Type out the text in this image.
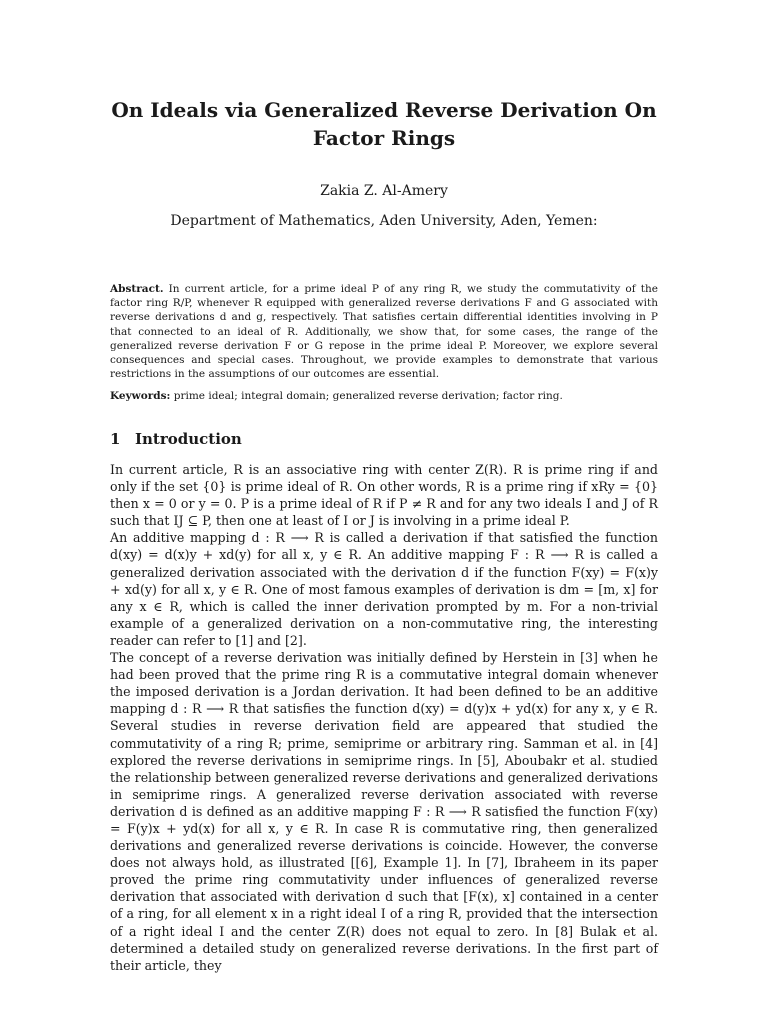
On Ideals via Generalized Reverse Derivation On Factor Rings
Zakia Z. Al-Amery
Department of Mathematics, Aden University, Aden, Yemen:
Abstract. In current article, for a prime ideal P of any ring R, we study the commutativity of the factor ring R/P, whenever R equipped with generalized reverse derivations F and G associated with reverse derivations d and g, respectively. That satisfies certain differential identities involving in P that connected to an ideal of R. Additionally, we show that, for some cases, the range of the generalized reverse derivation F or G repose in the prime ideal P. Moreover, we explore several consequences and special cases. Throughout, we provide examples to demonstrate that various restrictions in the assumptions of our outcomes are essential.
Keywords: prime ideal; integral domain; generalized reverse derivation; factor ring.
1 Introduction

In current article, R is an associative ring with center Z(R). R is prime ring if and only if the set {0} is prime ideal of R. On other words, R is a prime ring if xRy = {0} then x = 0 or y = 0. P is a prime ideal of R if P ≠ R and for any two ideals I and J of R such that IJ ⊆ P, then one at least of I or J is involving in a prime ideal P.

An additive mapping d : R ⟶ R is called a derivation if that satisfied the function d(xy) = d(x)y + xd(y) for all x, y ∈ R. An additive mapping F : R ⟶ R is called a generalized derivation associated with the derivation d if the function F(xy) = F(x)y + xd(y) for all x, y ∈ R. One of most famous examples of derivation is dm = [m, x] for any x ∈ R, which is called the inner derivation prompted by m. For a non-trivial example of a generalized derivation on a non-commutative ring, the interesting reader can refer to [1] and [2].

The concept of a reverse derivation was initially defined by Herstein in [3] when he had been proved that the prime ring R is a commutative integral domain whenever the imposed derivation is a Jordan derivation. It had been defined to be an additive mapping d : R ⟶ R that satisfies the function d(xy) = d(y)x + yd(x) for any x, y ∈ R. Several studies in reverse derivation field are appeared that studied the commutativity of a ring R; prime, semiprime or arbitrary ring. Samman et al. in [4] explored the reverse derivations in semiprime rings. In [5], Aboubakr et al. studied the relationship between generalized reverse derivations and generalized derivations in semiprime rings. A generalized reverse derivation associated with reverse derivation d is defined as an additive mapping F : R ⟶ R satisfied the function F(xy) = F(y)x + yd(x) for all x, y ∈ R. In case R is commutative ring, then generalized derivations and generalized reverse derivations is coincide. However, the converse does not always hold, as illustrated [[6], Example 1]. In [7], Ibraheem in its paper proved the prime ring commutativity under influences of generalized reverse derivation that associated with derivation d such that [F(x), x] contained in a center of a ring, for all element x in a right ideal I of a ring R, provided that the intersection of a right ideal I and the center Z(R) does not equal to zero. In [8] Bulak et al. determined a detailed study on generalized reverse derivations. In the first part of their article, they
